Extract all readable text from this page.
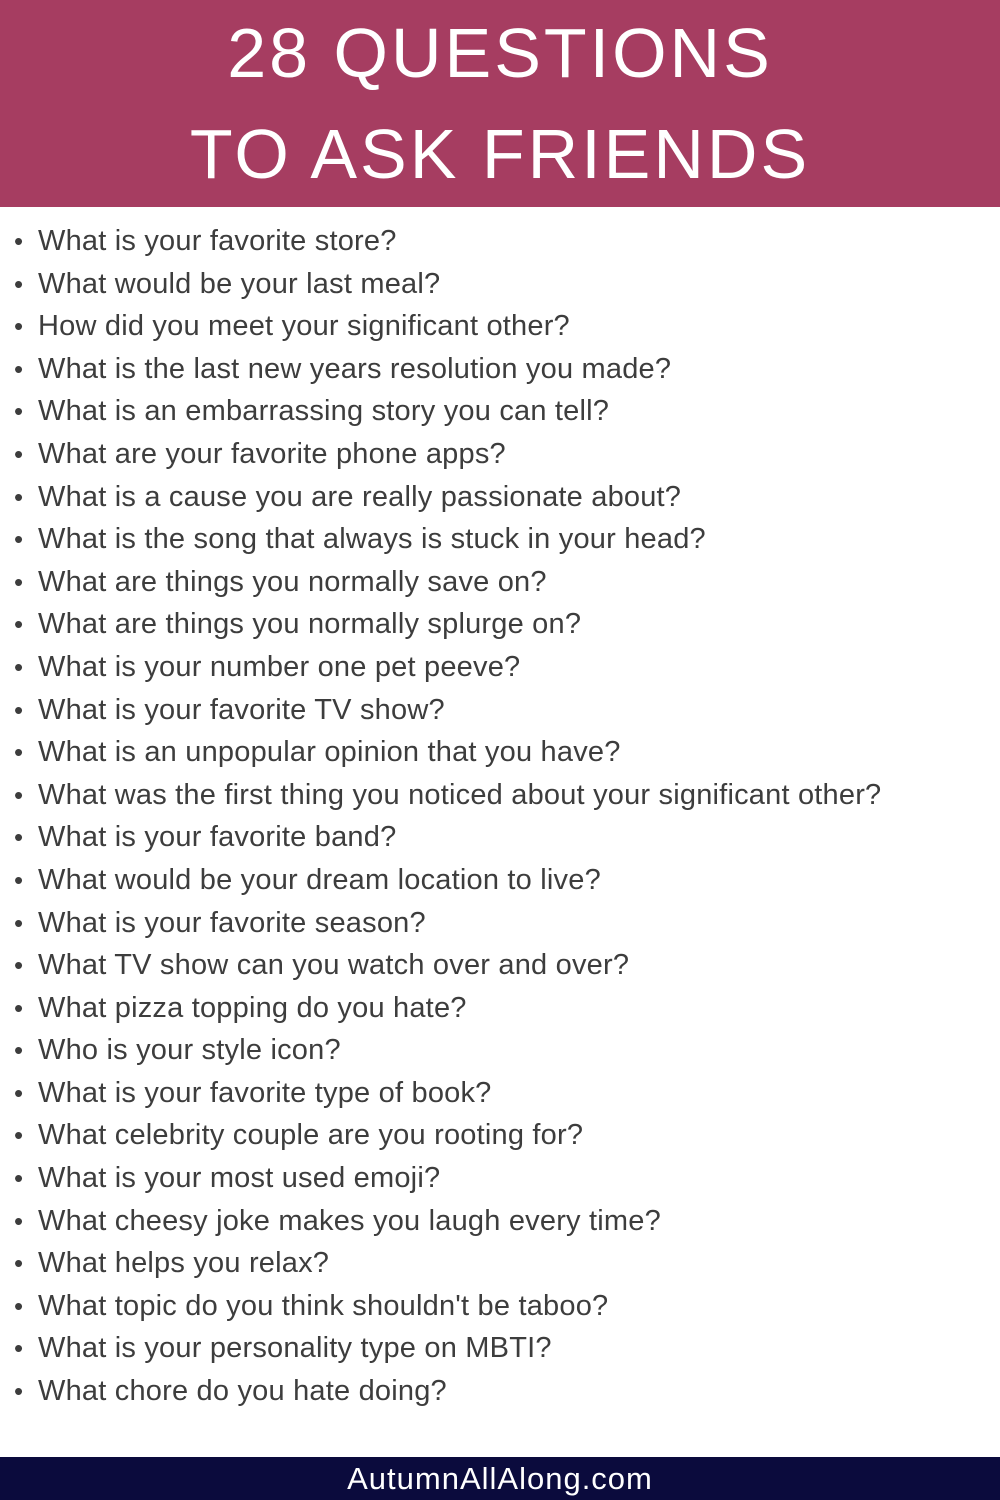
28 QUESTIONS
TO ASK FRIENDS
• What is your favorite store?
• What would be your last meal?
• How did you meet your significant other?
• What is the last new years resolution you made?
• What is an embarrassing story you can tell?
• What are your favorite phone apps?
• What is a cause you are really passionate about?
• What is the song that always is stuck in your head?
• What are things you normally save on?
• What are things you normally splurge on?
• What is your number one pet peeve?
• What is your favorite TV show?
• What is an unpopular opinion that you have?
• What was the first thing you noticed about your significant other?
• What is your favorite band?
• What would be your dream location to live?
• What is your favorite season?
• What TV show can you watch over and over?
• What pizza topping do you hate?
• Who is your style icon?
• What is your favorite type of book?
• What celebrity couple are you rooting for?
• What is your most used emoji?
• What cheesy joke makes you laugh every time?
• What helps you relax?
• What topic do you think shouldn't be taboo?
• What is your personality type on MBTI?
• What chore do you hate doing?
AutumnAllAlong.com
